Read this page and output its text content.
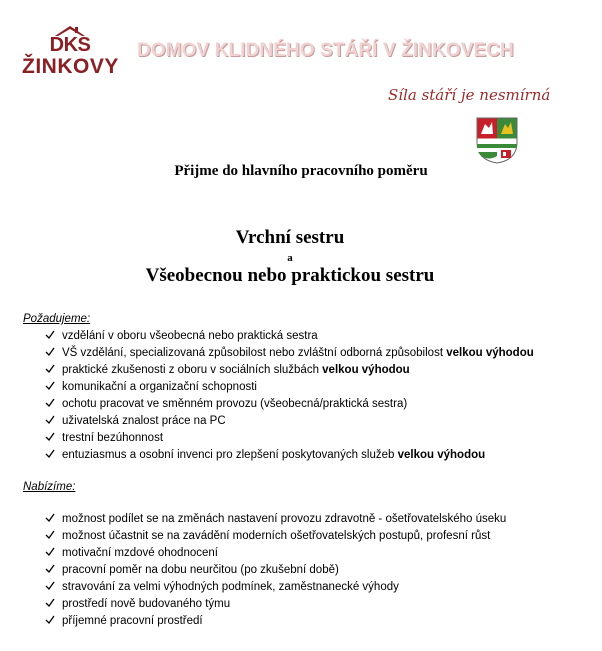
DKS
ŽINKOVY
DOMOV KLIDNÉHO STÁŘÍ V ŽINKOVECH
Síla stáří je nesmírná
Přijme do hlavního pracovního poměru
Vrchní sestru
a
Všeobecnou nebo praktickou sestru
Požadujeme:
vzdělání v oboru všeobecná nebo praktická sestra
VŠ vzdělání, specializovaná způsobilost nebo zvláštní odborná způsobilost velkou výhodou
praktické zkušenosti z oboru v sociálních službách velkou výhodou
komunikační a organizační schopnosti
ochotu pracovat ve směnném provozu (všeobecná/praktická sestra)
uživatelská znalost práce na PC
trestní bezúhonnost
entuziasmus a osobní invenci pro zlepšení poskytovaných služeb velkou výhodou
Nabízíme:
možnost podílet se na změnách nastavení provozu zdravotně - ošetřovatelského úseku
možnost účastnit se na zavádění moderních ošetřovatelských postupů, profesní růst
motivační mzdové ohodnocení
pracovní poměr na dobu neurčitou (po zkušební době)
stravování za velmi výhodných podmínek, zaměstnanecké výhody
prostředí nově budovaného týmu
příjemné pracovní prostředí
